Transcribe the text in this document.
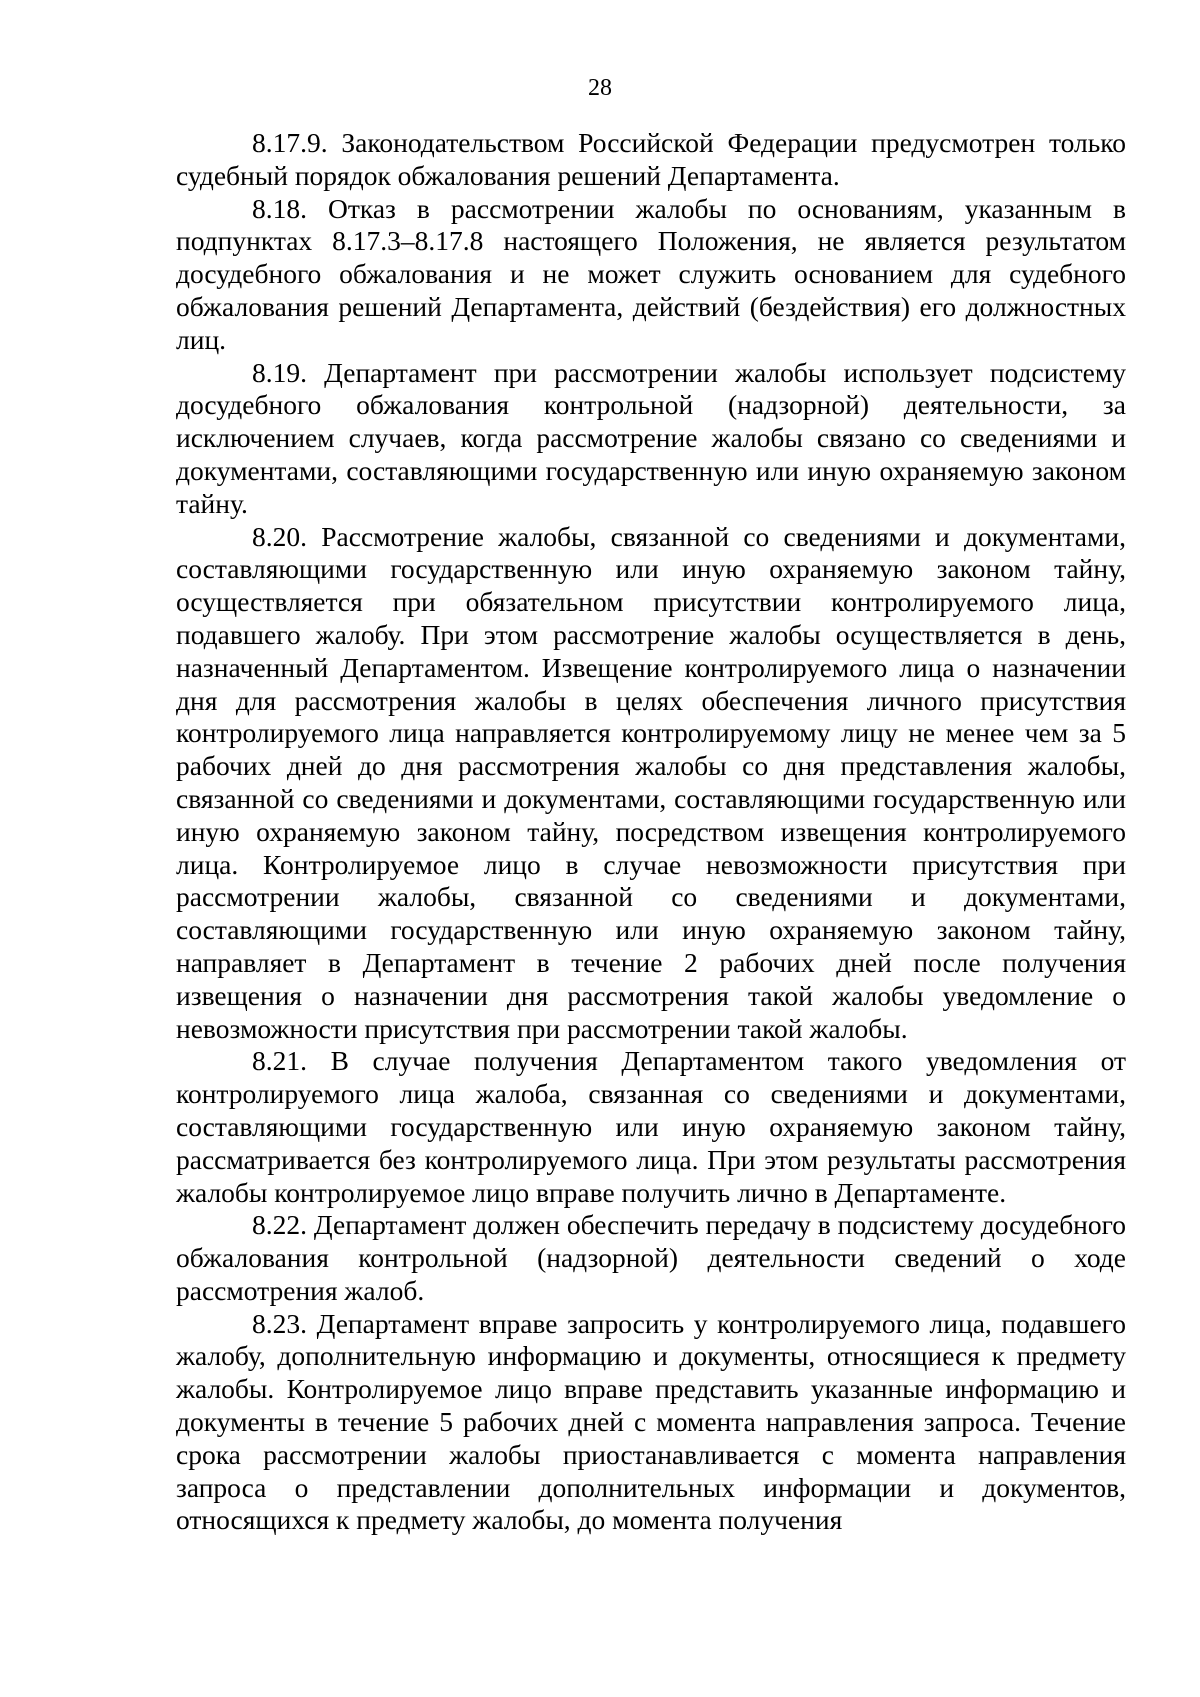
28

8.17.9. Законодательством Российской Федерации предусмотрен только судебный порядок обжалования решений Департамента.

8.18. Отказ в рассмотрении жалобы по основаниям, указанным в подпунктах 8.17.3–8.17.8 настоящего Положения, не является результатом досудебного обжалования и не может служить основанием для судебного обжалования решений Департамента, действий (бездействия) его должностных лиц.

8.19. Департамент при рассмотрении жалобы использует подсистему досудебного обжалования контрольной (надзорной) деятельности, за исключением случаев, когда рассмотрение жалобы связано со сведениями и документами, составляющими государственную или иную охраняемую законом тайну.

8.20. Рассмотрение жалобы, связанной со сведениями и документами, составляющими государственную или иную охраняемую законом тайну, осуществляется при обязательном присутствии контролируемого лица, подавшего жалобу. При этом рассмотрение жалобы осуществляется в день, назначенный Департаментом. Извещение контролируемого лица о назначении дня для рассмотрения жалобы в целях обеспечения личного присутствия контролируемого лица направляется контролируемому лицу не менее чем за 5 рабочих дней до дня рассмотрения жалобы со дня представления жалобы, связанной со сведениями и документами, составляющими государственную или иную охраняемую законом тайну, посредством извещения контролируемого лица. Контролируемое лицо в случае невозможности присутствия при рассмотрении жалобы, связанной со сведениями и документами, составляющими государственную или иную охраняемую законом тайну, направляет в Департамент в течение 2 рабочих дней после получения извещения о назначении дня рассмотрения такой жалобы уведомление о невозможности присутствия при рассмотрении такой жалобы.

8.21. В случае получения Департаментом такого уведомления от контролируемого лица жалоба, связанная со сведениями и документами, составляющими государственную или иную охраняемую законом тайну, рассматривается без контролируемого лица. При этом результаты рассмотрения жалобы контролируемое лицо вправе получить лично в Департаменте.

8.22. Департамент должен обеспечить передачу в подсистему досудебного обжалования контрольной (надзорной) деятельности сведений о ходе рассмотрения жалоб.

8.23. Департамент вправе запросить у контролируемого лица, подавшего жалобу, дополнительную информацию и документы, относящиеся к предмету жалобы. Контролируемое лицо вправе представить указанные информацию и документы в течение 5 рабочих дней с момента направления запроса. Течение срока рассмотрении жалобы приостанавливается с момента направления запроса о представлении дополнительных информации и документов, относящихся к предмету жалобы, до момента получения
